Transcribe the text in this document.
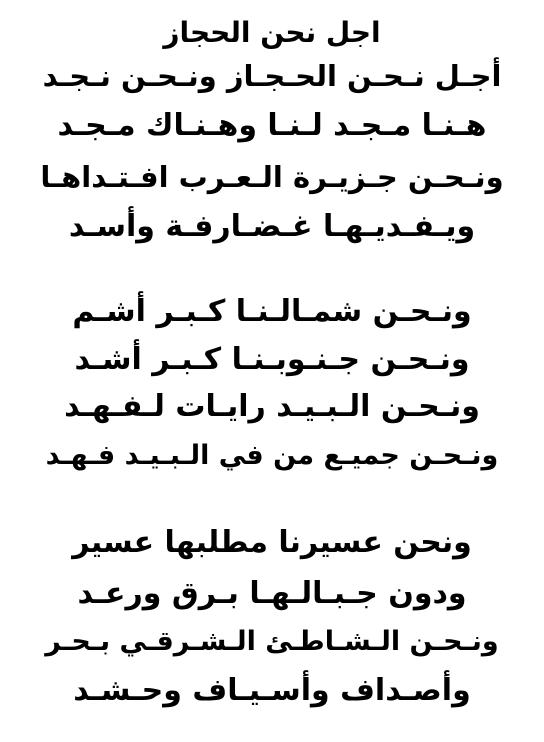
اجل نحن الحجاز
أجـل نـحـن الحـجـاز ونـحـن نـجـد
هـنـا مـجـد لـنـا وهـنـاك مـجـد
ونـحـن جـزيـرة الـعـرب افـتـداهـا
ويـفـديـهـا غـضـارفـة وأسـد
ونـحـن شمـالـنـا كـبـر أشـم
ونـحـن جـنـوبـنـا كـبـر أشـد
ونـحـن الـبـيـد رايـات لـفـهـد
ونـحـن جميـع من في الـبـيـد فـهـد
ونحن عسيرنا مطلبها عسير
ودون جـبـالـهـا بـرق ورعـد
ونـحـن الـشـاطـئ الـشـرقـي بـحـر
وأصـداف وأسـيـاف وحـشـد
